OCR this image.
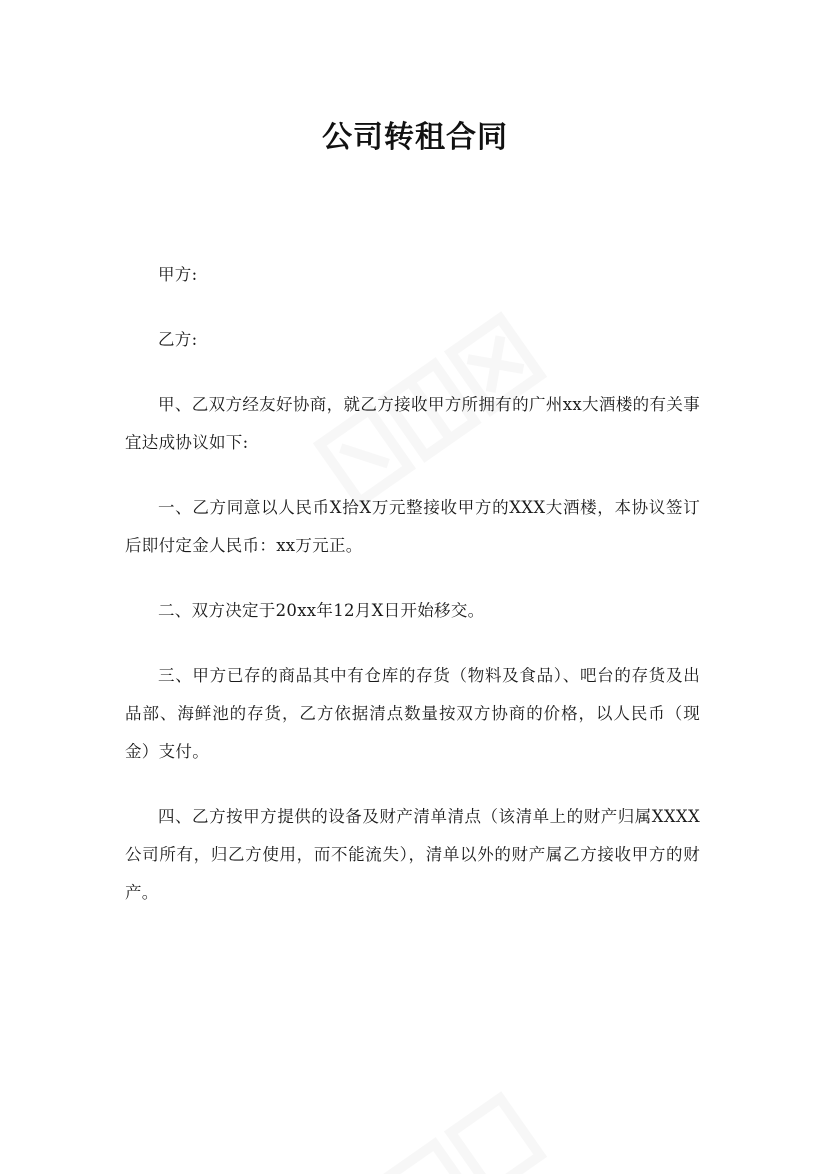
公司转租合同

甲方:

乙方:

甲、乙双方经友好协商，就乙方接收甲方所拥有的广州xx大酒楼的有关事宜达成协议如下:

一、乙方同意以人民币X拾X万元整接收甲方的XXX大酒楼，本协议签订后即付定金人民币：xx万元正。

二、双方决定于20xx年12月X日开始移交。

三、甲方已存的商品其中有仓库的存货（物料及食品）、吧台的存货及出品部、海鲜池的存货，乙方依据清点数量按双方协商的价格，以人民币（现金）支付。

四、乙方按甲方提供的设备及财产清单清点（该清单上的财产归属XXXX公司所有，归乙方使用，而不能流失），清单以外的财产属乙方接收甲方的财产。
